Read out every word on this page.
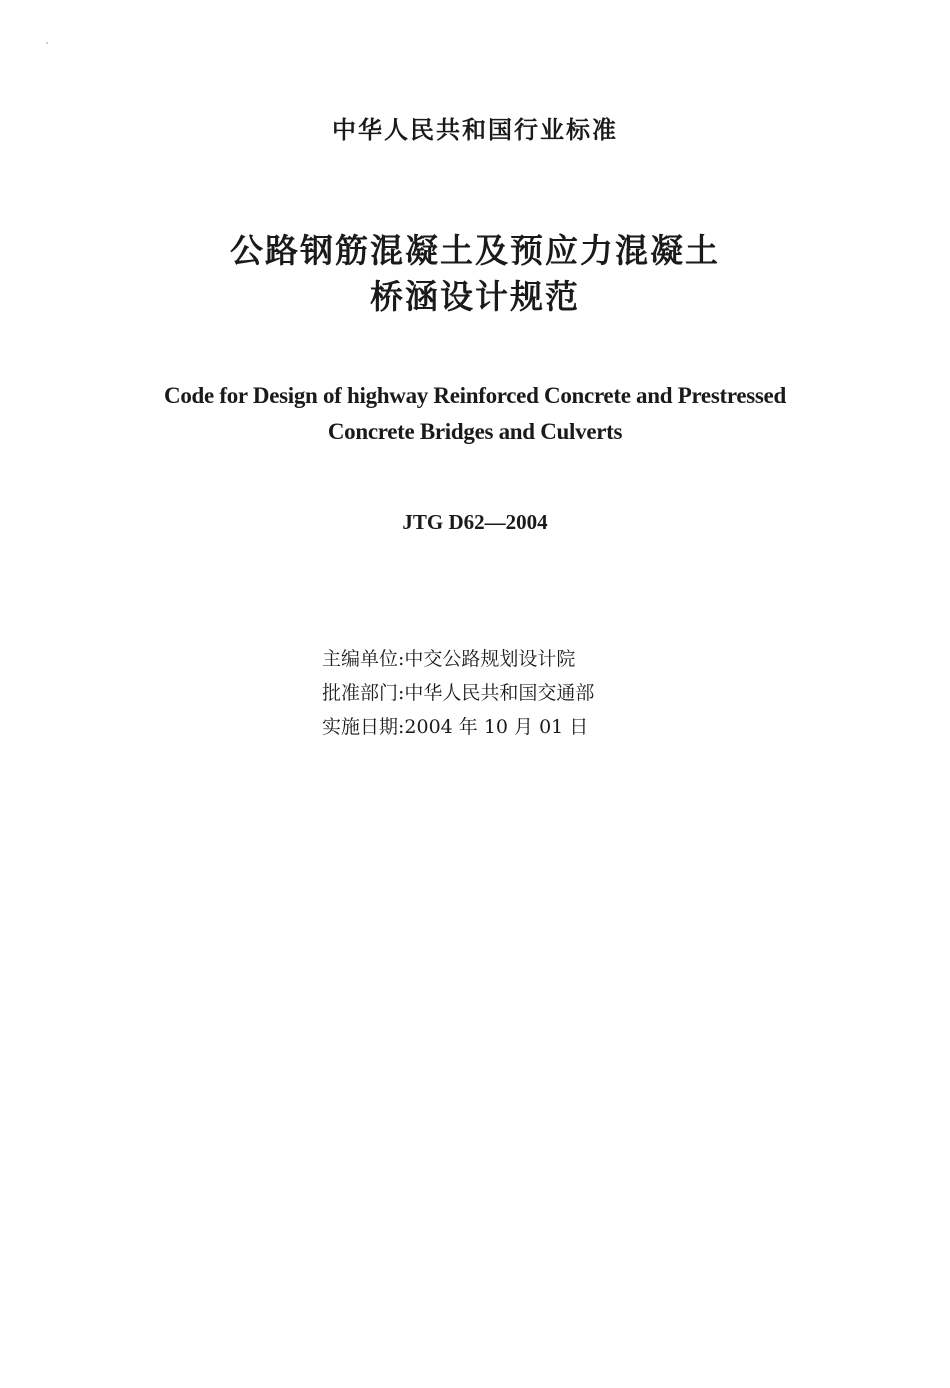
中华人民共和国行业标准
公路钢筋混凝土及预应力混凝土
桥涵设计规范
Code for Design of highway Reinforced Concrete and Prestressed
Concrete Bridges and Culverts
JTG D62—2004
主编单位:中交公路规划设计院
批准部门:中华人民共和国交通部
实施日期:2004 年 10 月 01 日
